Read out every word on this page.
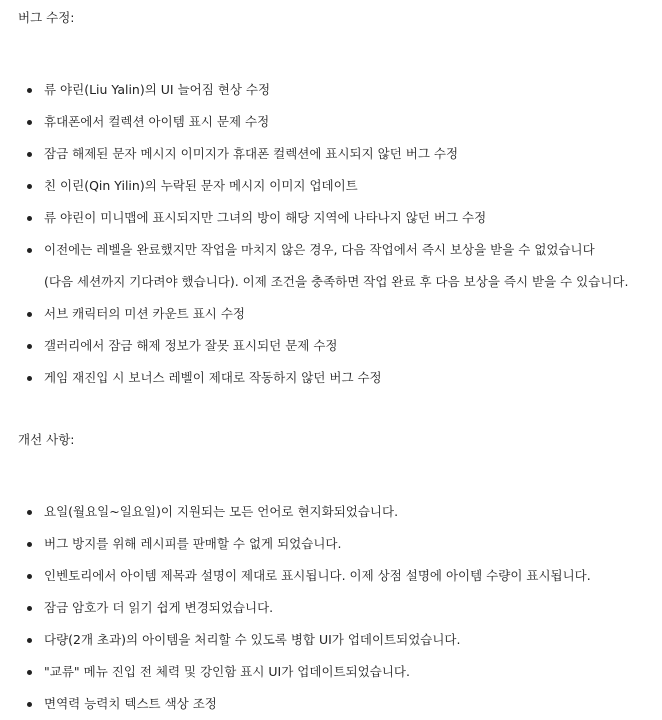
버그 수정:
류 야린(Liu Yalin)의 UI 늘어짐 현상 수정
휴대폰에서 컬렉션 아이템 표시 문제 수정
잠금 해제된 문자 메시지 이미지가 휴대폰 컬렉션에 표시되지 않던 버그 수정
친 이린(Qin Yilin)의 누락된 문자 메시지 이미지 업데이트
류 야린이 미니맵에 표시되지만 그녀의 방이 해당 지역에 나타나지 않던 버그 수정
이전에는 레벨을 완료했지만 작업을 마치지 않은 경우, 다음 작업에서 즉시 보상을 받을 수 없었습니다
(다음 세션까지 기다려야 했습니다). 이제 조건을 충족하면 작업 완료 후 다음 보상을 즉시 받을 수 있습니다.
서브 캐릭터의 미션 카운트 표시 수정
갤러리에서 잠금 해제 정보가 잘못 표시되던 문제 수정
게임 재진입 시 보너스 레벨이 제대로 작동하지 않던 버그 수정
개선 사항:
요일(월요일~일요일)이 지원되는 모든 언어로 현지화되었습니다.
버그 방지를 위해 레시피를 판매할 수 없게 되었습니다.
인벤토리에서 아이템 제목과 설명이 제대로 표시됩니다. 이제 상점 설명에 아이템 수량이 표시됩니다.
잠금 암호가 더 읽기 쉽게 변경되었습니다.
다량(2개 초과)의 아이템을 처리할 수 있도록 병합 UI가 업데이트되었습니다.
"교류" 메뉴 진입 전 체력 및 강인함 표시 UI가 업데이트되었습니다.
면역력 능력치 텍스트 색상 조정
